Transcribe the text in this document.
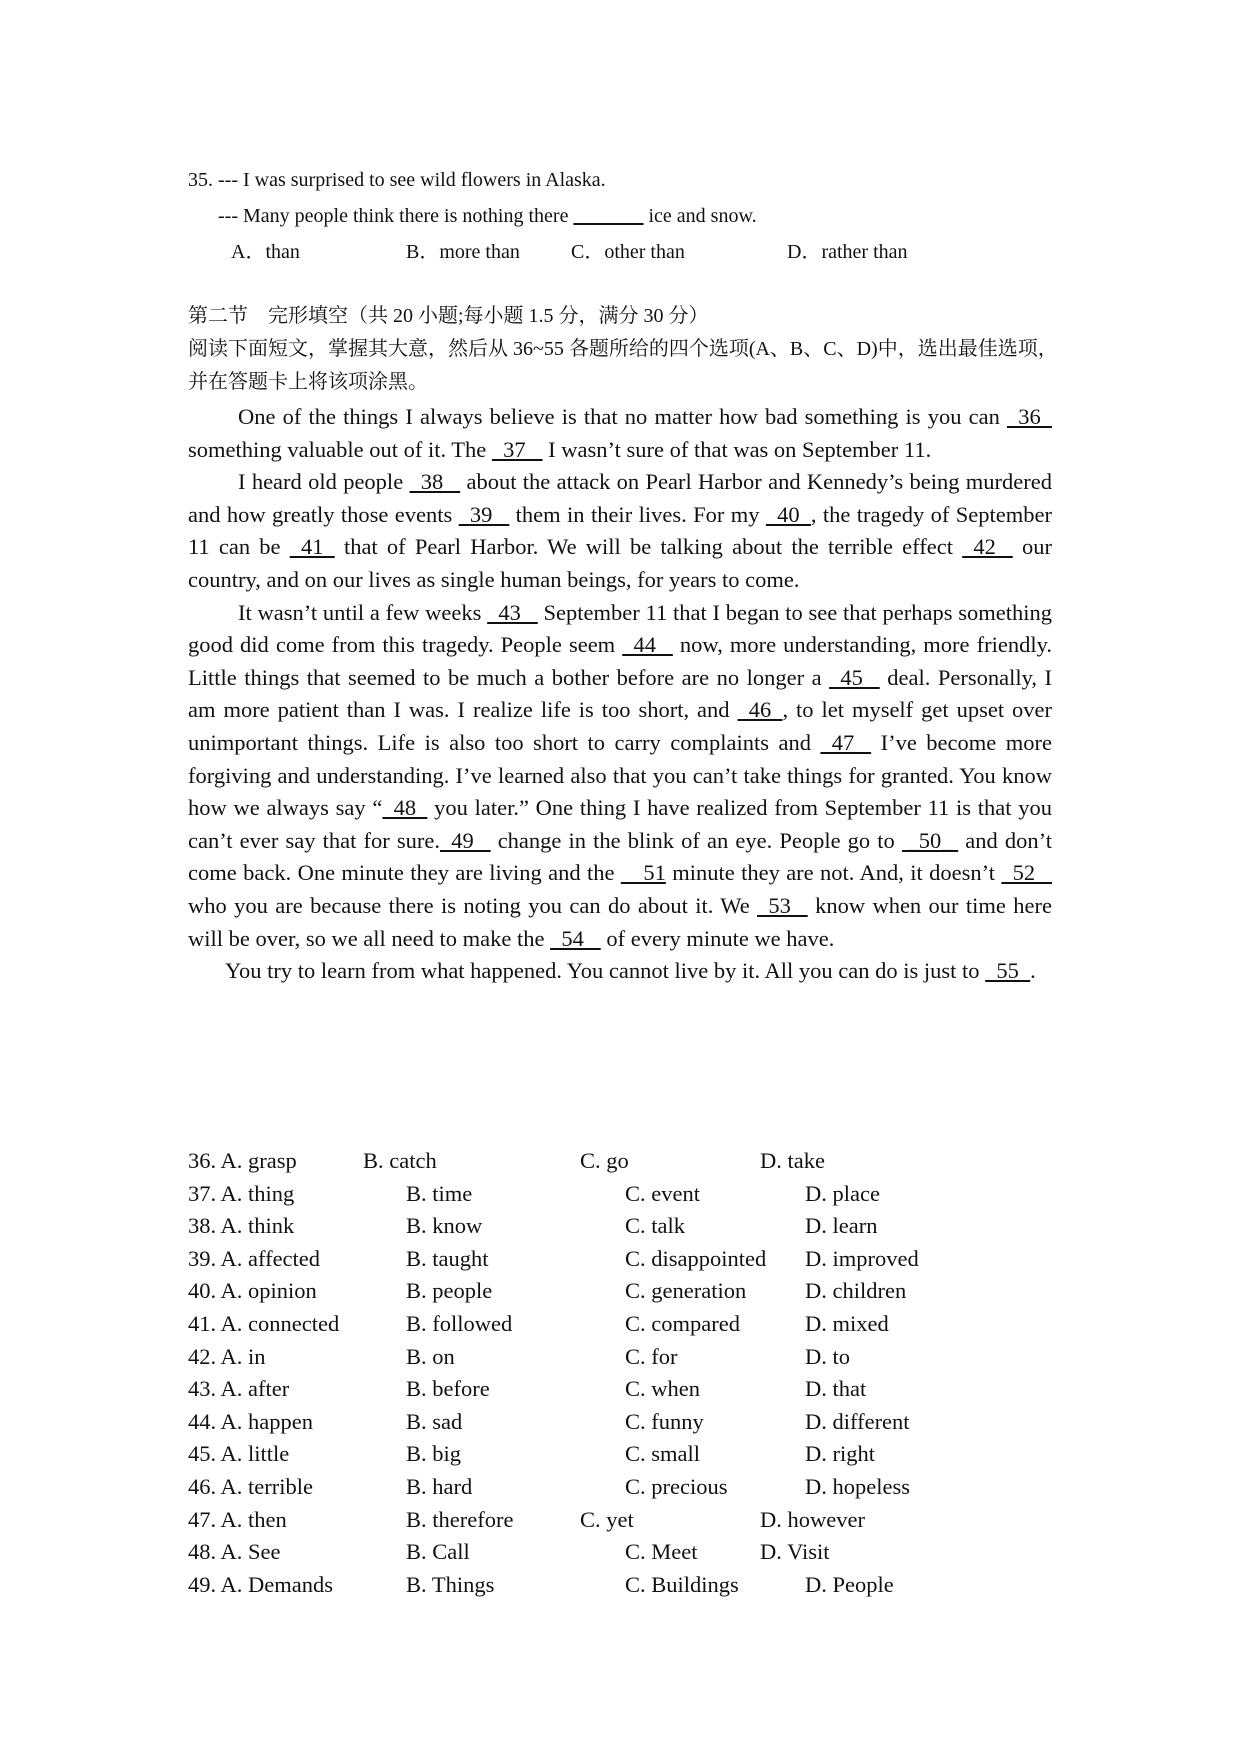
35. --- I was surprised to see wild flowers in Alaska.
--- Many people think there is nothing there _______ ice and snow.
A．than	B．more than	C．other than	D．rather than
第二节　完形填空（共 20 小题;每小题 1.5 分，满分 30 分）
阅读下面短文，掌握其大意，然后从 36~55 各题所给的四个选项(A、B、C、D)中，选出最佳选项，并在答题卡上将该项涂黑。

One of the things I always believe is that no matter how bad something is you can   36   something valuable out of it. The   37    I wasn’t sure of that was on September 11.

I heard old people   38    about the attack on Pearl Harbor and Kennedy’s being murdered and how greatly those events   39    them in their lives. For my   40  , the tragedy of September 11 can be   41   that of Pearl Harbor. We will be talking about the terrible effect   42    our country, and on our lives as single human beings, for years to come.

It wasn’t until a few weeks   43    September 11 that I began to see that perhaps something good did come from this tragedy. People seem   44    now, more understanding, more friendly. Little things that seemed to be much a bother before are no longer a   45    deal. Personally, I am more patient than I was. I realize life is too short, and   46  , to let myself get upset over unimportant things. Life is also too short to carry complaints and   47    I’ve become more forgiving and understanding. I’ve learned also that you can’t take things for granted. You know how we always say “  48   you later.” One thing I have realized from September 11 is that you can’t ever say that for sure.  49    change in the blink of an eye. People go to  _50_  and don’t come back. One minute they are living and the     51 minute they are not. And, it doesn’t   52    who you are because there is noting you can do about it. We   53    know when our time here will be over, so we all need to make the   54    of every minute we have.

You try to learn from what happened. You cannot live by it. All you can do is just to   55  .

36. A. grasp	B. catch	C. go	D. take
37. A. thing	B. time	C. event	D. place
38. A. think	B. know	C. talk	D. learn
39. A. affected	B. taught	C. disappointed D. improved
40. A. opinion	B. people	C. generation	D. children
41. A. connected	B. followed	C. compared	D. mixed
42. A. in	B. on	C. for	D. to
43. A. after	B. before	C. when	D. that
44. A. happen	B. sad	C. funny	D. different
45. A. little	B. big	C. small	D. right
46. A. terrible	B. hard	C. precious	D. hopeless
47. A. then	B. therefore	C. yet	D. however
48. A. See	B. Call	C. Meet	D. Visit
49. A. Demands	B. Things	C. Buildings	D. People
